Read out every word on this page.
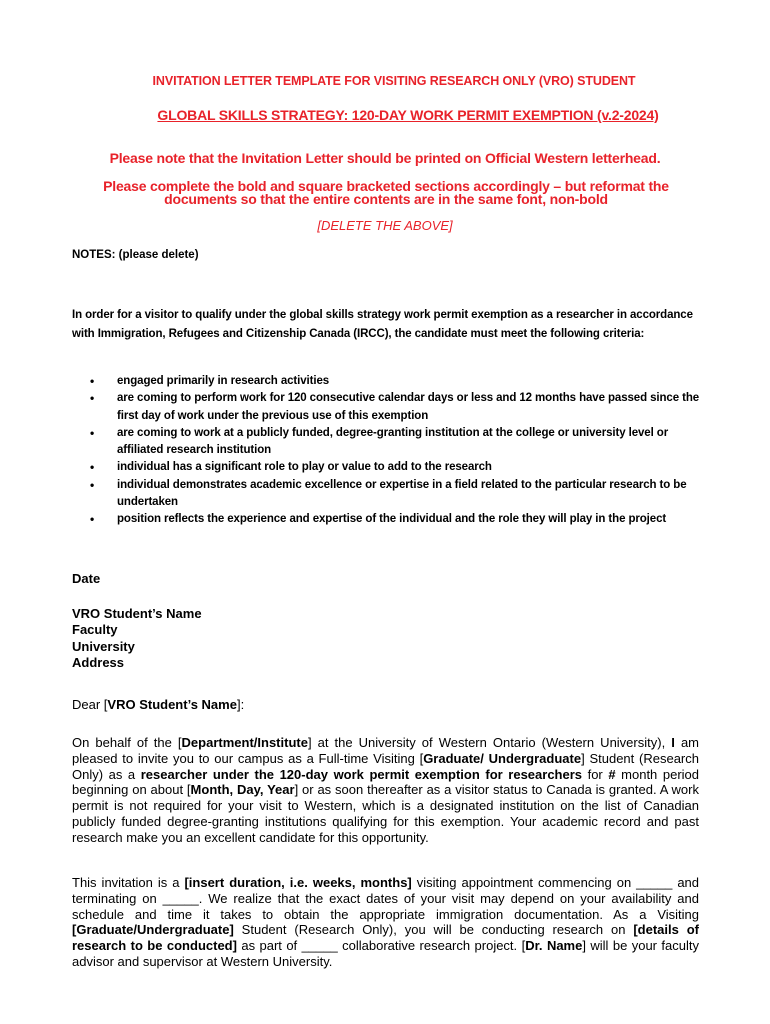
INVITATION LETTER TEMPLATE FOR VISITING RESEARCH ONLY (VRO) STUDENT
GLOBAL SKILLS STRATEGY: 120-DAY WORK PERMIT EXEMPTION (v.2-2024)
Please note that the Invitation Letter should be printed on Official Western letterhead.
Please complete the bold and square bracketed sections accordingly – but reformat the documents so that the entire contents are in the same font, non-bold
[DELETE THE ABOVE]
NOTES: (please delete)
In order for a visitor to qualify under the global skills strategy work permit exemption as a researcher in accordance with Immigration, Refugees and Citizenship Canada (IRCC), the candidate must meet the following criteria:
• engaged primarily in research activities
• are coming to perform work for 120 consecutive calendar days or less and 12 months have passed since the first day of work under the previous use of this exemption
• are coming to work at a publicly funded, degree-granting institution at the college or university level or affiliated research institution
• individual has a significant role to play or value to add to the research
• individual demonstrates academic excellence or expertise in a field related to the particular research to be undertaken
• position reflects the experience and expertise of the individual and the role they will play in the project
Date
VRO Student’s Name
Faculty
University
Address
Dear [VRO Student’s Name]:
On behalf of the [Department/Institute] at the University of Western Ontario (Western University), I am pleased to invite you to our campus as a Full-time Visiting [Graduate/ Undergraduate] Student (Research Only) as a researcher under the 120-day work permit exemption for researchers for # month period beginning on about [Month, Day, Year] or as soon thereafter as a visitor status to Canada is granted. A work permit is not required for your visit to Western, which is a designated institution on the list of Canadian publicly funded degree-granting institutions qualifying for this exemption. Your academic record and past research make you an excellent candidate for this opportunity.
This invitation is a [insert duration, i.e. weeks, months] visiting appointment commencing on _____ and terminating on _____. We realize that the exact dates of your visit may depend on your availability and schedule and time it takes to obtain the appropriate immigration documentation. As a Visiting [Graduate/Undergraduate] Student (Research Only), you will be conducting research on [details of research to be conducted] as part of _____ collaborative research project. [Dr. Name] will be your faculty advisor and supervisor at Western University.
